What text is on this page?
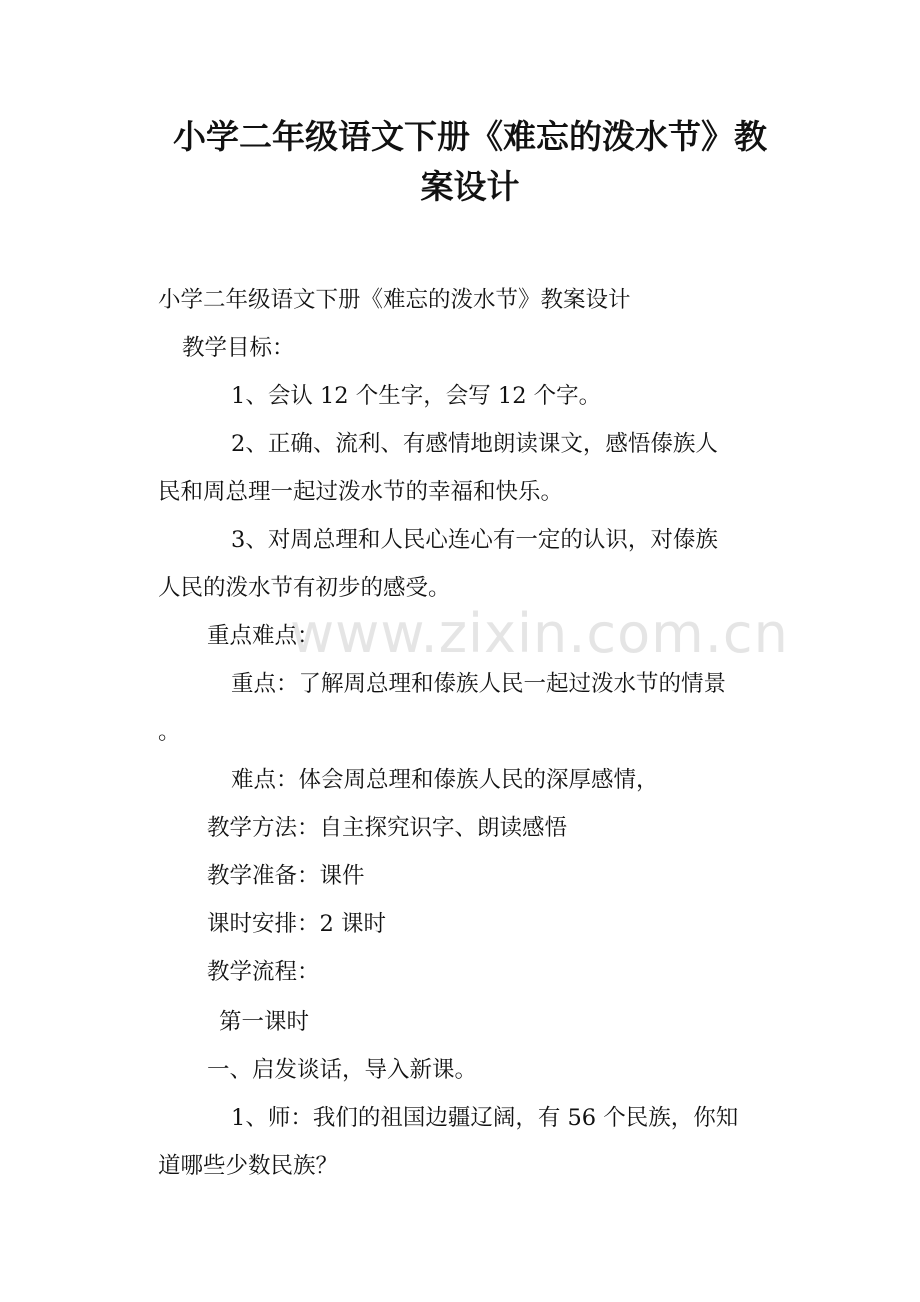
小学二年级语文下册《难忘的泼水节》教
案设计
小学二年级语文下册《难忘的泼水节》教案设计
教学目标：
1、会认 12 个生字，会写 12 个字。
2、正确、流利、有感情地朗读课文，感悟傣族人
民和周总理一起过泼水节的幸福和快乐。
3、对周总理和人民心连心有一定的认识，对傣族
人民的泼水节有初步的感受。
重点难点：
重点：了解周总理和傣族人民一起过泼水节的情景
。
难点：体会周总理和傣族人民的深厚感情，
教学方法：自主探究识字、朗读感悟
教学准备：课件
课时安排：2 课时
教学流程：
第一课时
一、启发谈话，导入新课。
1、师：我们的祖国边疆辽阔，有 56 个民族，你知
道哪些少数民族？
www.zixin.com.cn
